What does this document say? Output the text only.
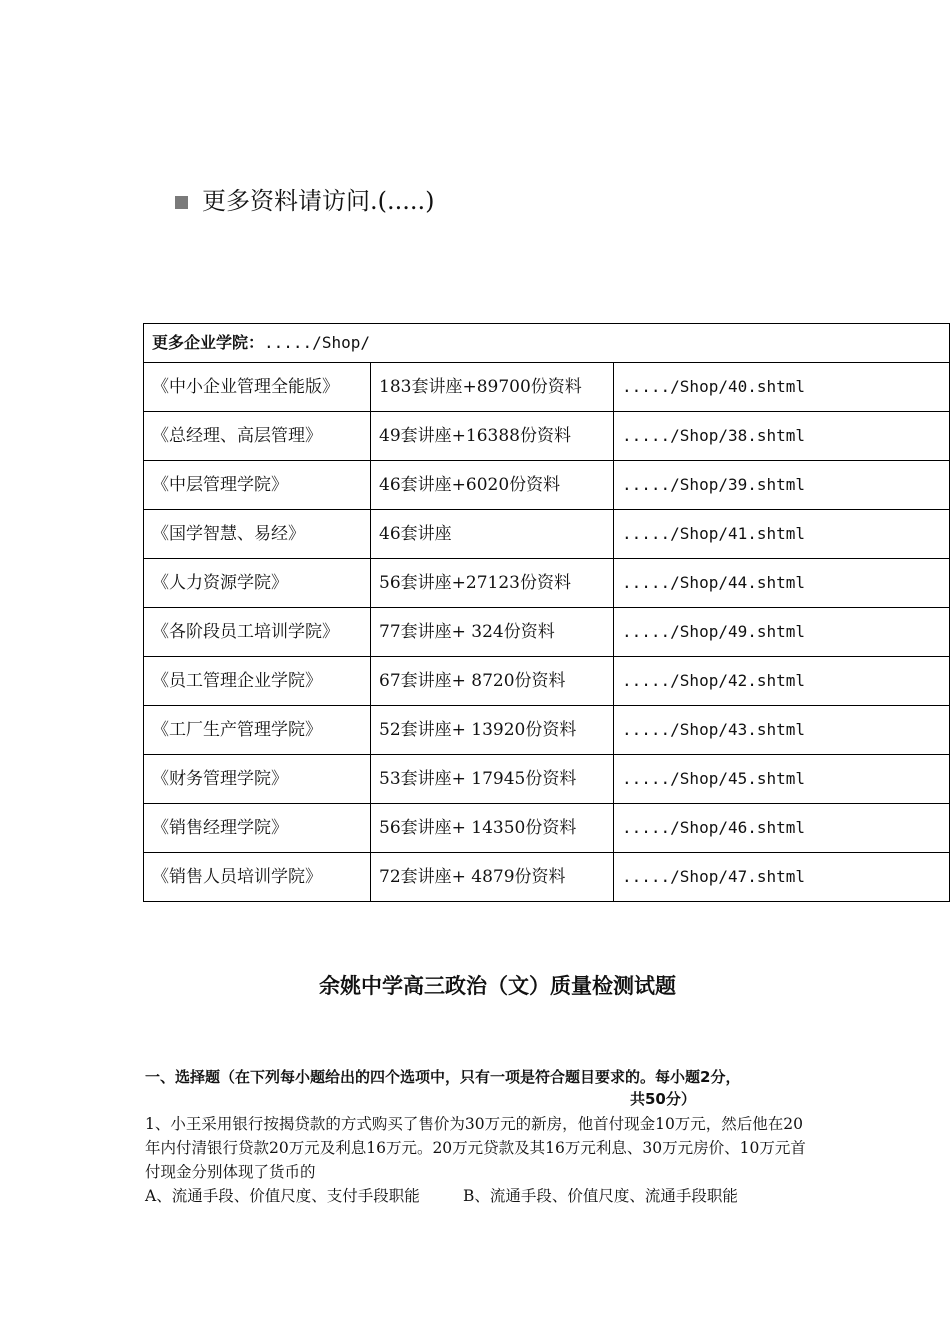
更多资料请访问.(.....)
更多企业学院：...../Shop/		
《中小企业管理全能版》	183套讲座+89700份资料	...../Shop/40.shtml
《总经理、高层管理》	49套讲座+16388份资料	...../Shop/38.shtml
《中层管理学院》	46套讲座+6020份资料	...../Shop/39.shtml
《国学智慧、易经》	46套讲座	...../Shop/41.shtml
《人力资源学院》	56套讲座+27123份资料	...../Shop/44.shtml
《各阶段员工培训学院》	77套讲座+ 324份资料	...../Shop/49.shtml
《员工管理企业学院》	67套讲座+ 8720份资料	...../Shop/42.shtml
《工厂生产管理学院》	52套讲座+ 13920份资料	...../Shop/43.shtml
《财务管理学院》	53套讲座+ 17945份资料	...../Shop/45.shtml
《销售经理学院》	56套讲座+ 14350份资料	...../Shop/46.shtml
《销售人员培训学院》	72套讲座+ 4879份资料	...../Shop/47.shtml
余姚中学高三政治（文）质量检测试题
一、选择题（在下列每小题给出的四个选项中，只有一项是符合题目要求的。每小题2分，
共50分）

1、小王采用银行按揭贷款的方式购买了售价为30万元的新房，他首付现金10万元，然后他在20年内付清银行贷款20万元及利息16万元。20万元贷款及其16万元利息、30万元房价、10万元首付现金分别体现了货币的

A、流通手段、价值尺度、支付手段职能	B、流通手段、价值尺度、流通手段职能
